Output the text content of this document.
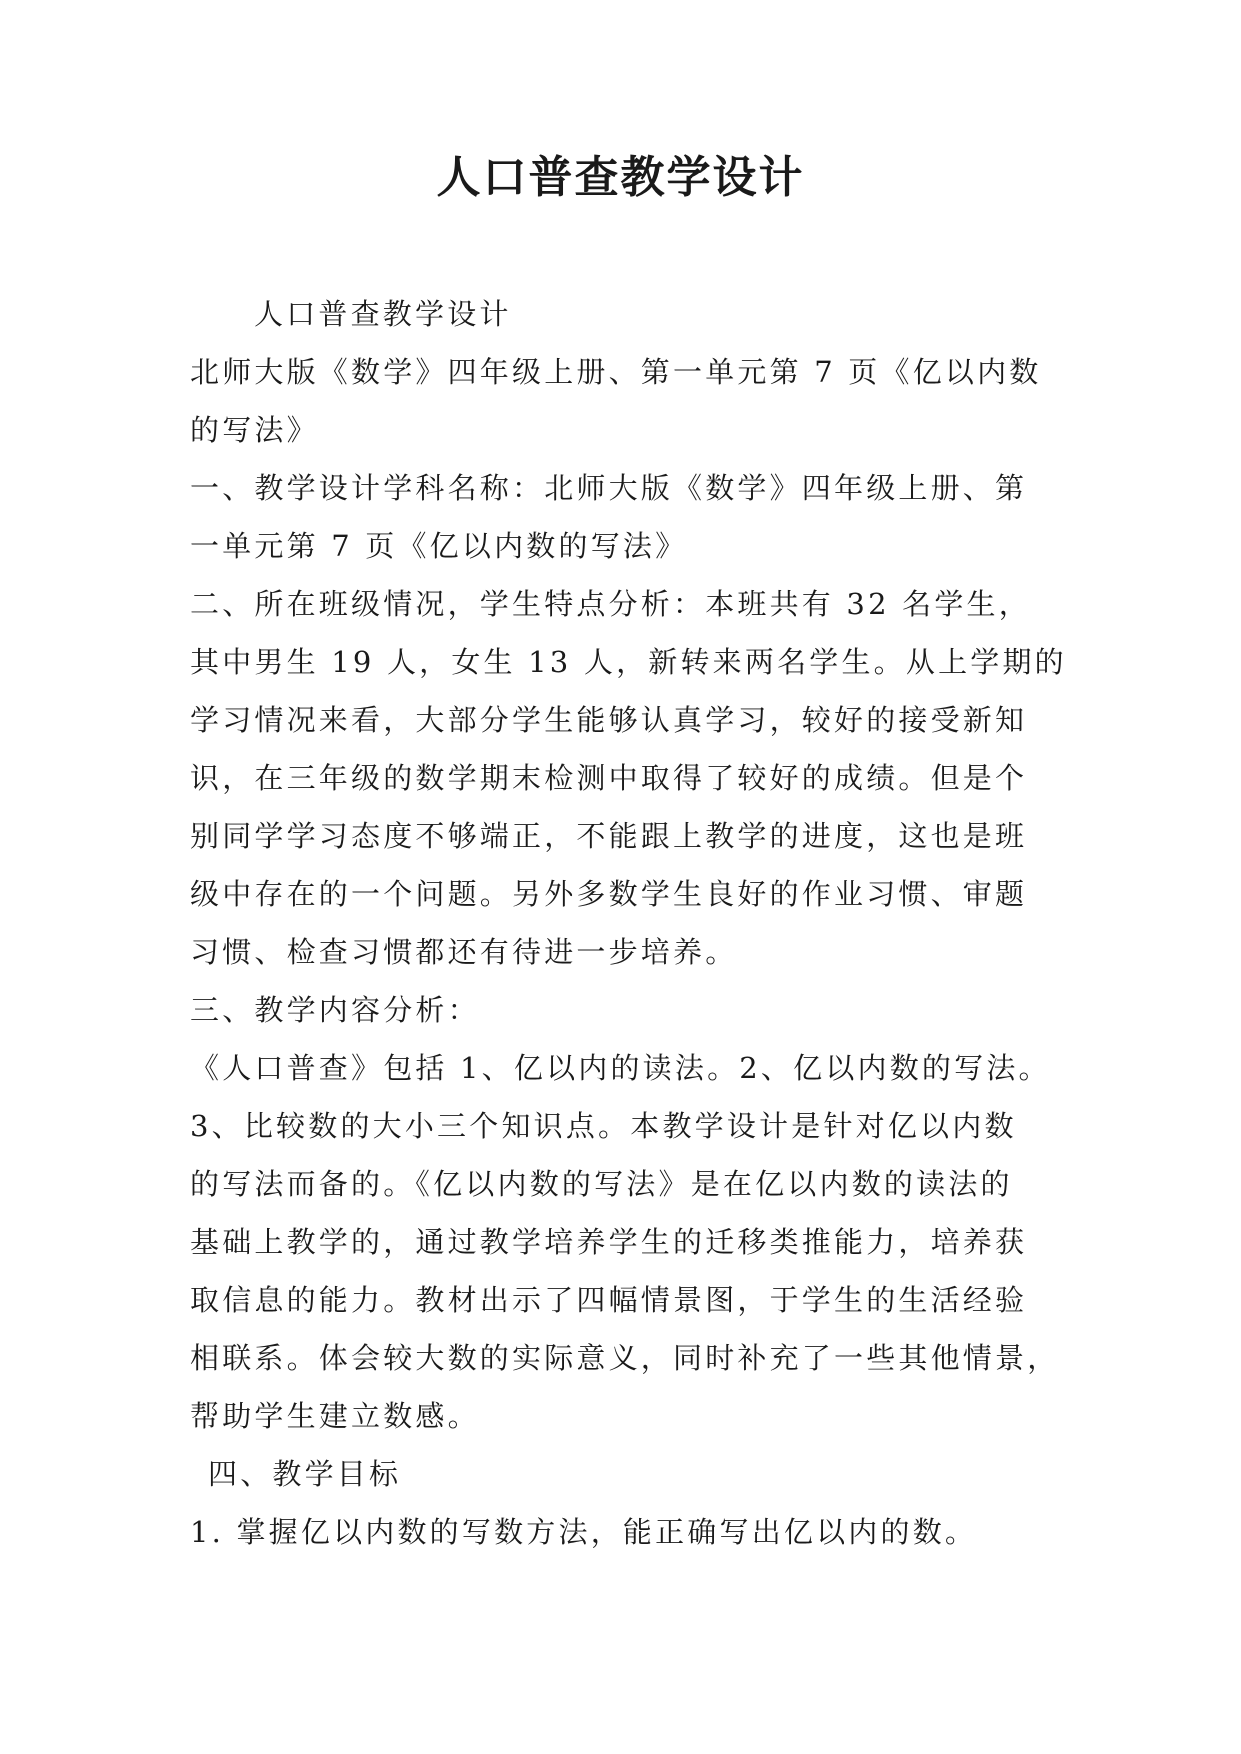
人口普查教学设计
人口普查教学设计
北师大版《数学》四年级上册、第一单元第 7 页《亿以内数
的写法》
一、教学设计学科名称：北师大版《数学》四年级上册、第
一单元第 7 页《亿以内数的写法》
二、所在班级情况，学生特点分析：本班共有 32 名学生，
其中男生 19 人，女生 13 人，新转来两名学生。从上学期的
学习情况来看，大部分学生能够认真学习，较好的接受新知
识，在三年级的数学期末检测中取得了较好的成绩。但是个
别同学学习态度不够端正，不能跟上教学的进度，这也是班
级中存在的一个问题。另外多数学生良好的作业习惯、审题
习惯、检查习惯都还有待进一步培养。
三、教学内容分析：
《人口普查》包括 1、亿以内的读法。2、亿以内数的写法。
3、比较数的大小三个知识点。本教学设计是针对亿以内数
的写法而备的。《亿以内数的写法》是在亿以内数的读法的
基础上教学的，通过教学培养学生的迁移类推能力，培养获
取信息的能力。教材出示了四幅情景图，于学生的生活经验
相联系。体会较大数的实际意义，同时补充了一些其他情景，
帮助学生建立数感。
四、教学目标
1. 掌握亿以内数的写数方法，能正确写出亿以内的数。
